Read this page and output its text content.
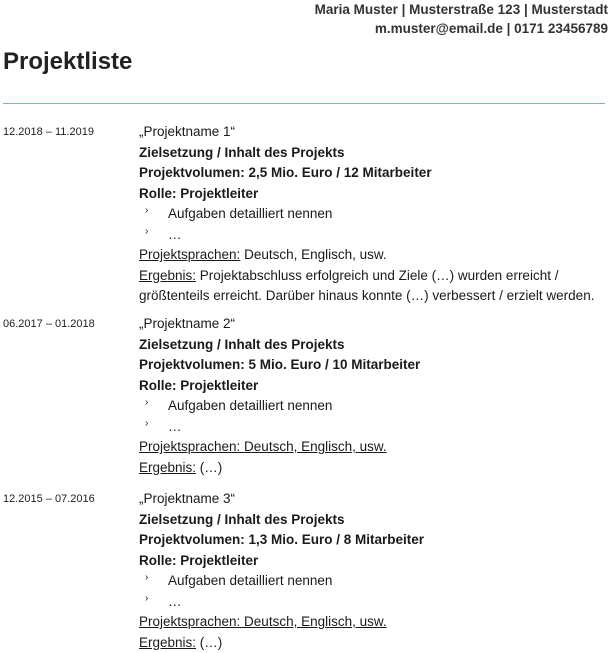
Maria Muster | Musterstraße 123 | Musterstadt
m.muster@email.de | 0171 23456789
Projektliste
12.2018 – 11.2019	„Projektname 1“
Zielsetzung / Inhalt des Projekts
Projektvolumen: 2,5 Mio. Euro / 12 Mitarbeiter
Rolle: Projektleiter
› Aufgaben detailliert nennen
› …
Projektsprachen: Deutsch, Englisch, usw.
Ergebnis: Projektabschluss erfolgreich und Ziele (…) wurden erreicht / größtenteils erreicht. Darüber hinaus konnte (…) verbessert / erzielt werden.
06.2017 – 01.2018	„Projektname 2“
Zielsetzung / Inhalt des Projekts
Projektvolumen: 5 Mio. Euro / 10 Mitarbeiter
Rolle: Projektleiter
› Aufgaben detailliert nennen
› …
Projektsprachen: Deutsch, Englisch, usw.
Ergebnis: (…)
12.2015 – 07.2016	„Projektname 3“
Zielsetzung / Inhalt des Projekts
Projektvolumen: 1,3 Mio. Euro / 8 Mitarbeiter
Rolle: Projektleiter
› Aufgaben detailliert nennen
› …
Projektsprachen: Deutsch, Englisch, usw.
Ergebnis: (…)
